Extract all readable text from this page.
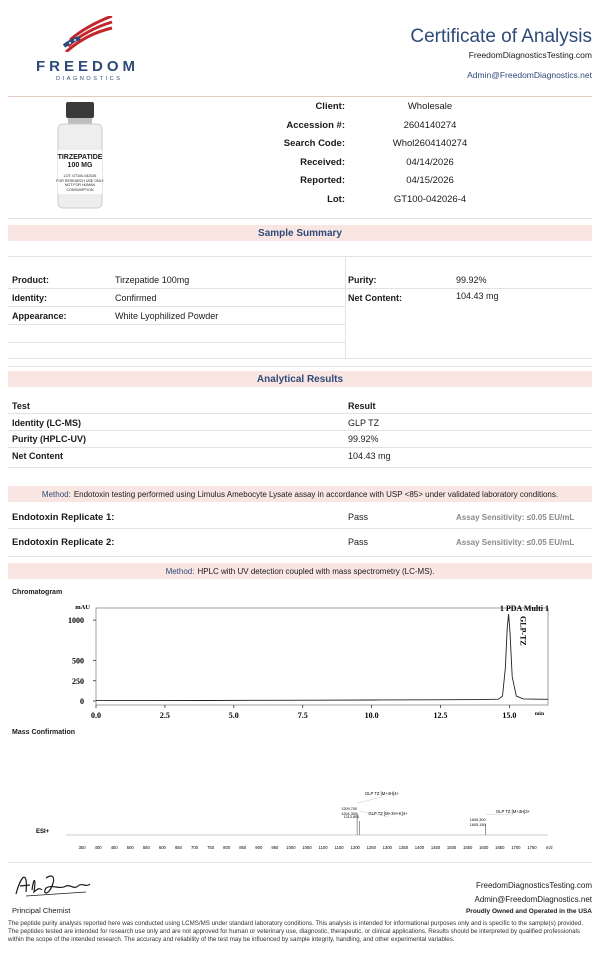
FREEDOM
DIAGNOSTICS
Certificate of Analysis
FreedomDiagnosticsTesting.com
Admin@FreedomDiagnostics.net
TIRZEPATIDE
100 MG
LOT: GT100-042026
FOR RESEARCH USE ONLY
NOT FOR HUMAN CONSUMPTION
Client:	Wholesale
Accession #:	2604140274
Search Code:	Whol2604140274
Received:	04/14/2026
Reported:	04/15/2026
Lot:	GT100-042026-4
Sample Summary
Product:	Tirzepatide 100mg
Identity:	Confirmed
Appearance:	White Lyophilized Powder
Purity:	99.92%
Net Content:	104.43 mg
Analytical Results
Test	Result
Identity (LC-MS)	GLP TZ
Purity (HPLC-UV)	99.92%
Net Content	104.43 mg
Method: Endotoxin testing performed using Limulus Amebocyte Lysate assay in accordance with USP <85> under validated laboratory conditions.
Endotoxin Replicate 1:	Pass	Assay Sensitivity: ≤0.05 EU/mL
Endotoxin Replicate 2:	Pass	Assay Sensitivity: ≤0.05 EU/mL
Method: HPLC with UV detection coupled with mass spectrometry (LC-MS).
Chromatogram
mAU
0
250
500
1000
0.0	2.5	5.0	7.5	10.0	12.5	15.0	min
1 PDA Multi 1
GLP-TZ
Mass Confirmation
ESI+
350 400 450 500 550 600 650 700 750 800 850 900 950 1000 1050 1100 1150 1200 1250 1300 1350 1400 1450 1500 1550 1600 1650 1700 1750 m/z
1209.700
1204.300
GLP TZ [M+4H]4+
1213.800
GLP TZ [M+3H+K]4+
1605.300
1605.150
GLP TZ [M+3H]3+
Principal Chemist
FreedomDiagnosticsTesting.com
Admin@FreedomDiagnostics.net
Proudly Owned and Operated in the USA
The peptide purity analysis reported here was conducted using LCMS/MS under standard laboratory conditions. This analysis is intended for informational purposes only and is specific to the sample(s) provided. The peptides tested are intended for research use only and are not approved for human or veterinary use, diagnostic, therapeutic, or clinical applications. Results should be interpreted by qualified professionals within the scope of the intended research. The accuracy and reliability of the test may be influenced by sample integrity, handling, and other experimental variables.
